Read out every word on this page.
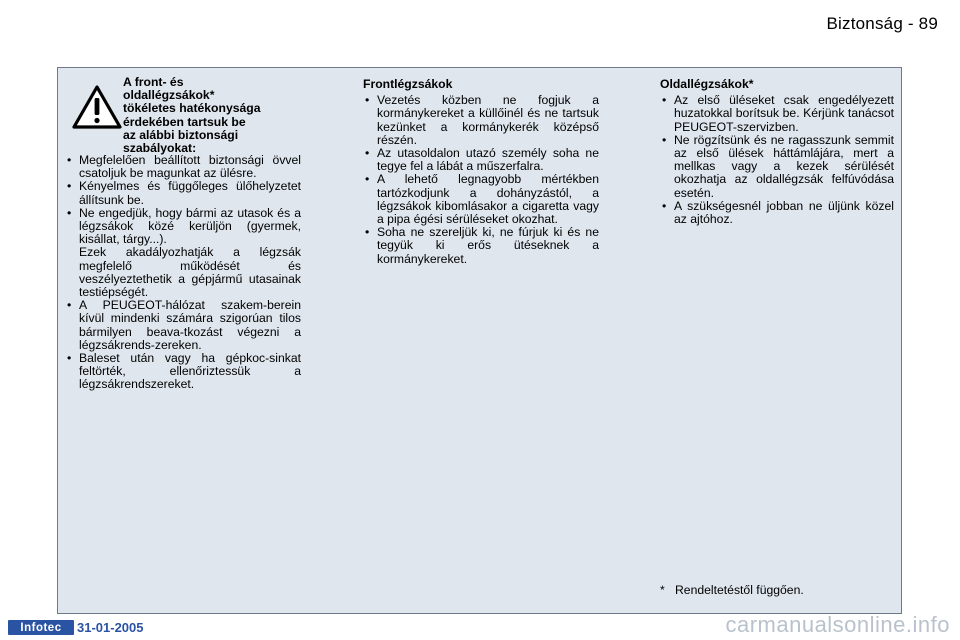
Biztonság - 89
A front- és
oldallégzsákok*
tökéletes hatékonysága
érdekében tartsuk be
az alábbi biztonsági
szabályokat:
• Megfelelően beállított biztonsági övvel csatoljuk be magunkat az ülésre.
• Kényelmes és függőleges ülőhelyzetet állítsunk be.
• Ne engedjük, hogy bármi az utasok és a légzsákok közé kerüljön (gyermek, kisállat, tárgy...).
Ezek akadályozhatják a légzsák megfelelő működését és veszélyeztethetik a gépjármű utasainak testiépségét.
• A PEUGEOT-hálózat szakem-berein kívül mindenki számára szigorúan tilos bármilyen beava-tkozást végezni a légzsákrends-zereken.
• Baleset után vagy ha gépkoc-sinkat feltörték, ellenőriztessük a légzsákrendszereket.
Frontlégzsákok
• Vezetés közben ne fogjuk a kormánykereket a küllőinél és ne tartsuk kezünket a kormánykerék középső részén.
• Az utasoldalon utazó személy soha ne tegye fel a lábát a műszerfalra.
• A lehető legnagyobb mértékben tartózkodjunk a dohányzástól, a légzsákok kibomlásakor a cigaretta vagy a pipa égési sérüléseket okozhat.
• Soha ne szereljük ki, ne fúrjuk ki és ne tegyük ki erős ütéseknek a kormánykereket.
Oldallégzsákok*
• Az első üléseket csak engedélyezett huzatokkal borítsuk be. Kérjünk tanácsot PEUGEOT-szervizben.
• Ne rögzítsünk és ne ragasszunk semmit az első ülések háttámlájára, mert a mellkas vagy a kezek sérülését okozhatja az oldallégzsák felfúvódása esetén.
• A szükségesnél jobban ne üljünk közel az ajtóhoz.
* Rendeltetéstől függően.
Infotec	31-01-2005	carmanualsonline.info
